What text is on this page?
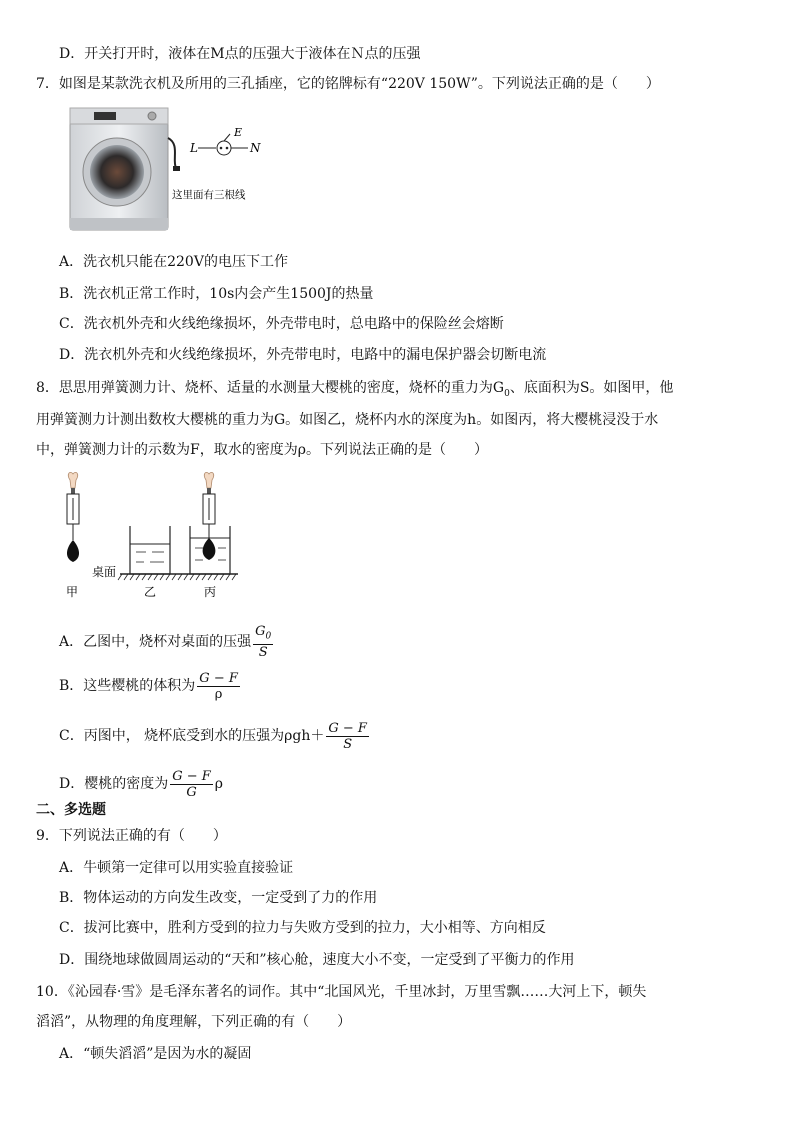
D．开关打开时，液体在M点的压强大于液体在Ｎ点的压强
7．如图是某款洗衣机及所用的三孔插座，它的铭牌标有“220V 150W”。下列说法正确的是（　　）
L
E
N
这里面有三根线
A．洗衣机只能在220V的电压下工作
B．洗衣机正常工作时，10s内会产生1500J的热量
C．洗衣机外壳和火线绝缘损坏，外壳带电时，总电路中的保险丝会熔断
D．洗衣机外壳和火线绝缘损坏，外壳带电时，电路中的漏电保护器会切断电流
8．思思用弹簧测力计、烧杯、适量的水测量大樱桃的密度，烧杯的重力为$G_0$、底面积为S。如图甲，他
用弹簧测力计测出数枚大樱桃的重力为G。如图乙，烧杯内水的深度为h。如图丙，将大樱桃浸没于水
中，弹簧测力计的示数为F，取水的密度为ρ。下列说法正确的是（　　）
桌面
甲	乙	丙
A．乙图中，烧杯对桌面的压强 $\frac{G_0}{S}$
B．这些樱桃的体积为 $\frac{G - F}{\rho}$
C．丙图中， 烧杯底受到水的压强为$\rho gh+ \frac{G - F}{S}$
D．樱桃的密度为 $\frac{G - F}{G}$ ρ
二、多选题
9．下列说法正确的有（　　）
A．牛顿第一定律可以用实验直接验证
B．物体运动的方向发生改变，一定受到了力的作用
C．拔河比赛中，胜利方受到的拉力与失败方受到的拉力，大小相等、方向相反
D．围绕地球做圆周运动的“天和”核心舱，速度大小不变，一定受到了平衡力的作用
10．《沁园春·雪》是毛泽东著名的词作。其中“北国风光，千里冰封，万里雪飘……大河上下，顿失
滔滔”，从物理的角度理解，下列正确的有（　　）
A．“顿失滔滔”是因为水的凝固
